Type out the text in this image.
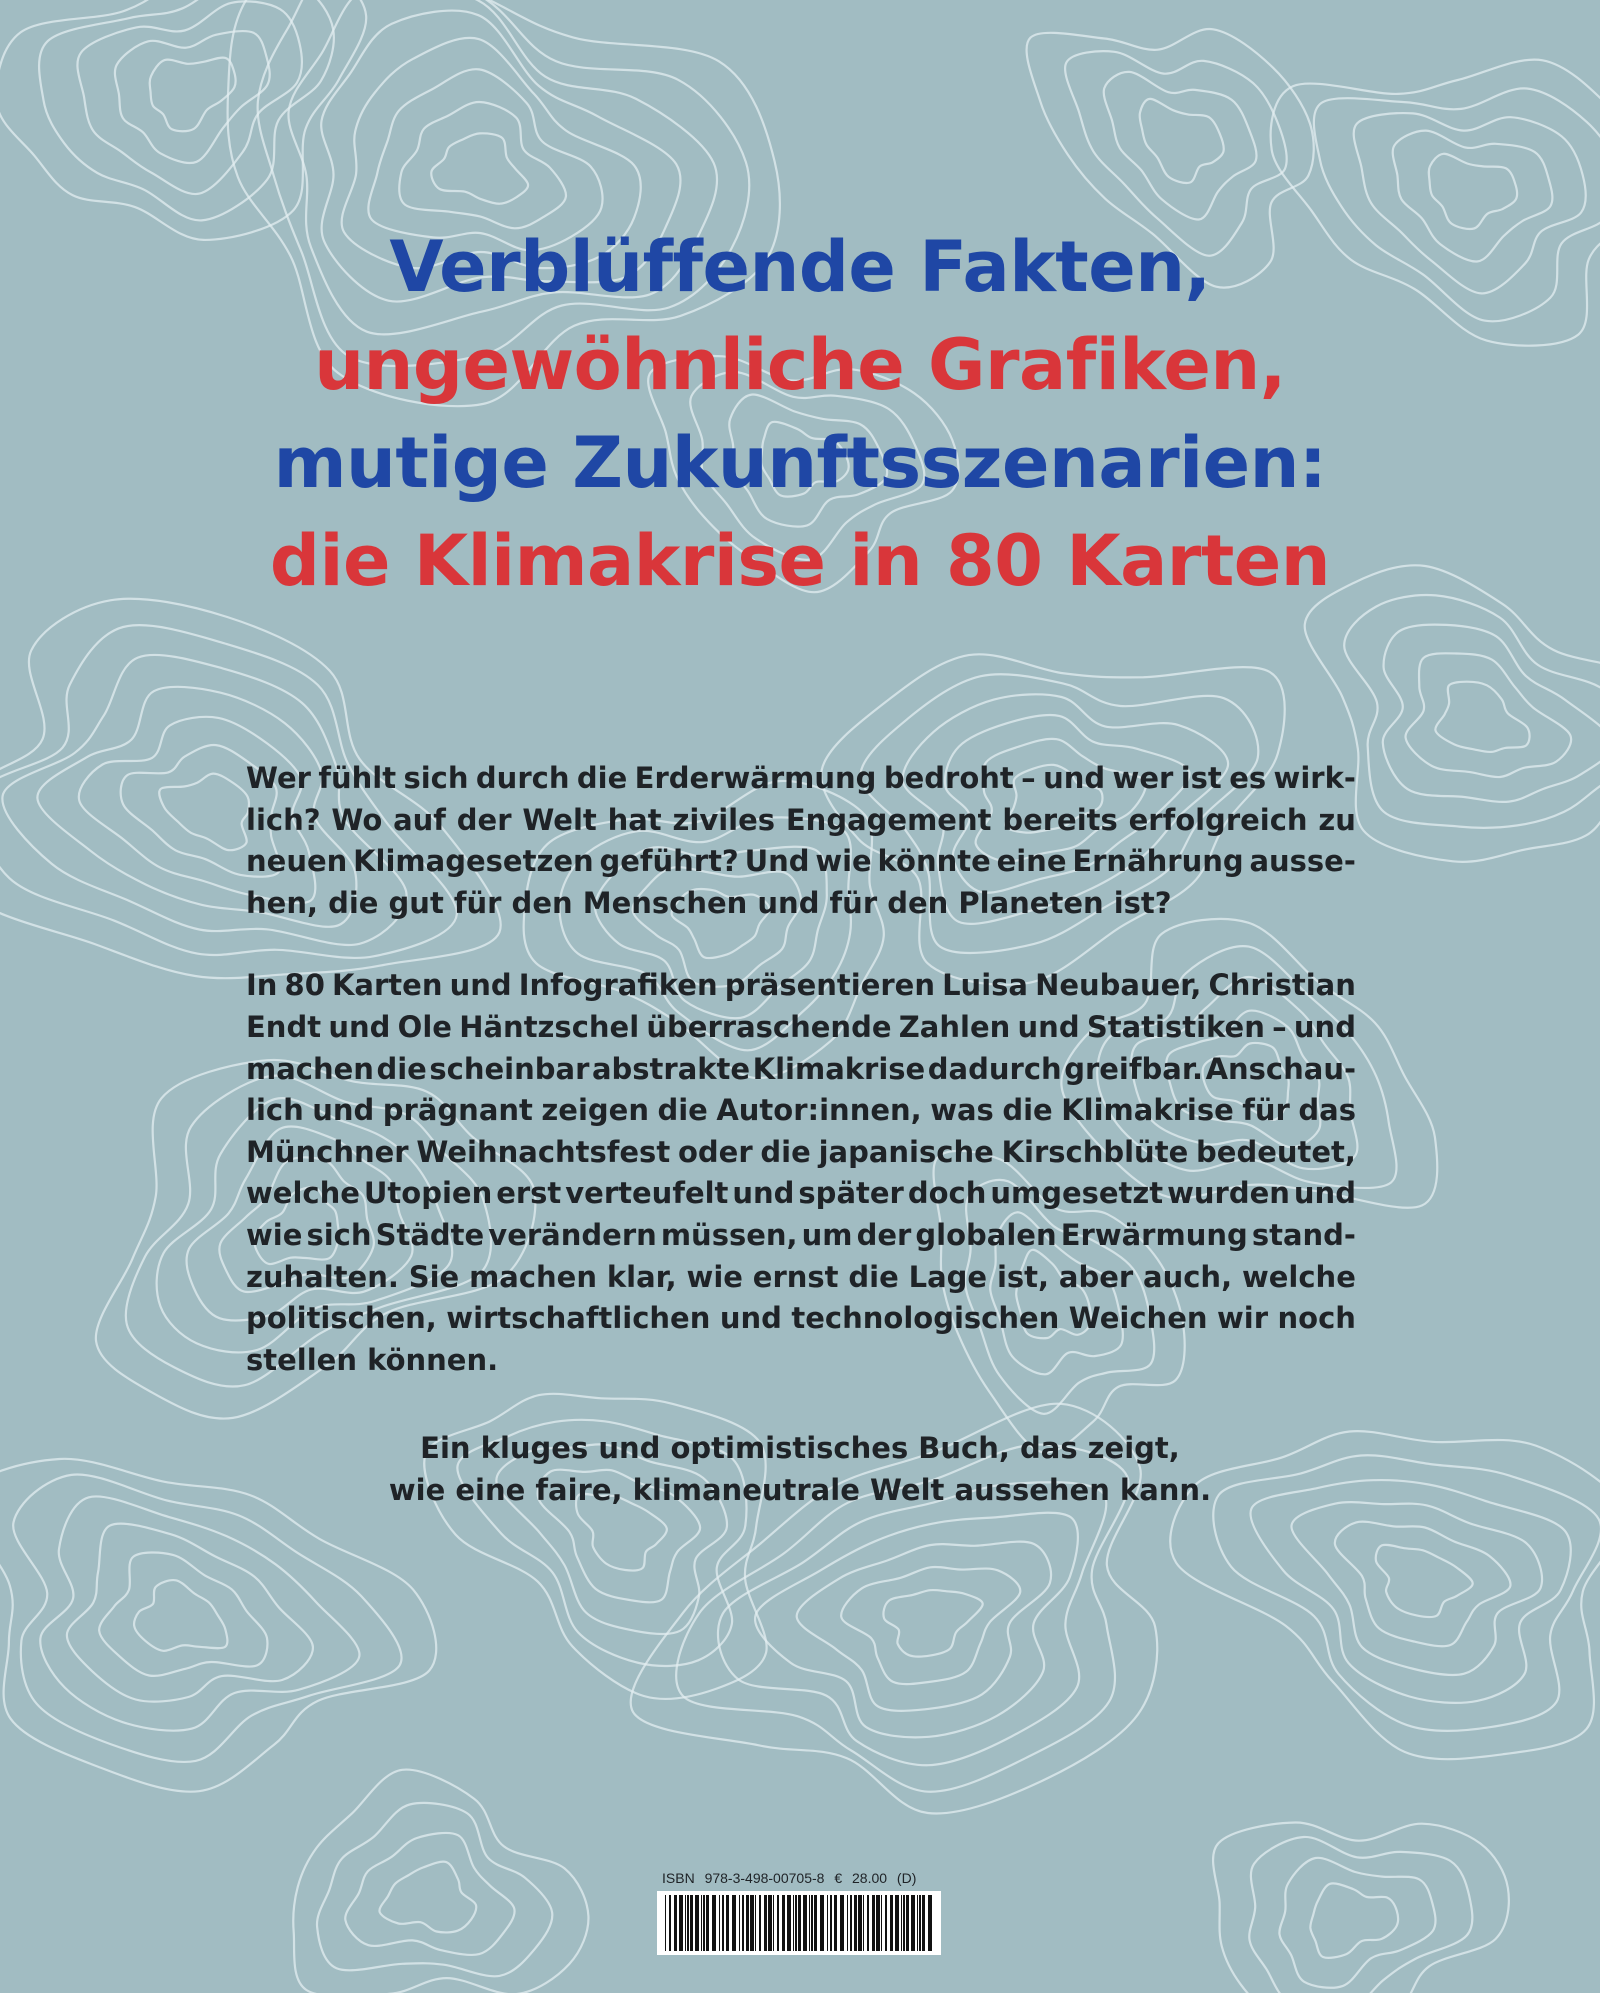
Verblüffende Fakten,
ungewöhnliche Grafiken,
mutige Zukunftsszenarien:
die Klimakrise in 80 Karten
Wer fühlt sich durch die Erderwärmung bedroht – und wer ist es wirk-
lich? Wo auf der Welt hat ziviles Engagement bereits erfolgreich zu
neuen Klimagesetzen geführt? Und wie könnte eine Ernährung ausse-
hen, die gut für den Menschen und für den Planeten ist?
In 80 Karten und Infografiken präsentieren Luisa Neubauer, Christian
Endt und Ole Häntzschel überraschende Zahlen und Statistiken – und
machen die scheinbar abstrakte Klimakrise dadurch greifbar. Anschau-
lich und prägnant zeigen die Autor:innen, was die Klimakrise für das
Münchner Weihnachtsfest oder die japanische Kirschblüte bedeutet,
welche Utopien erst verteufelt und später doch umgesetzt wurden und
wie sich Städte verändern müssen, um der globalen Erwärmung stand-
zuhalten. Sie machen klar, wie ernst die Lage ist, aber auch, welche
politischen, wirtschaftlichen und technologischen Weichen wir noch
stellen können.
Ein kluges und optimistisches Buch, das zeigt,
wie eine faire, klimaneutrale Welt aussehen kann.
ISBN 978-3-498-00705-8 € 28.00 (D)
